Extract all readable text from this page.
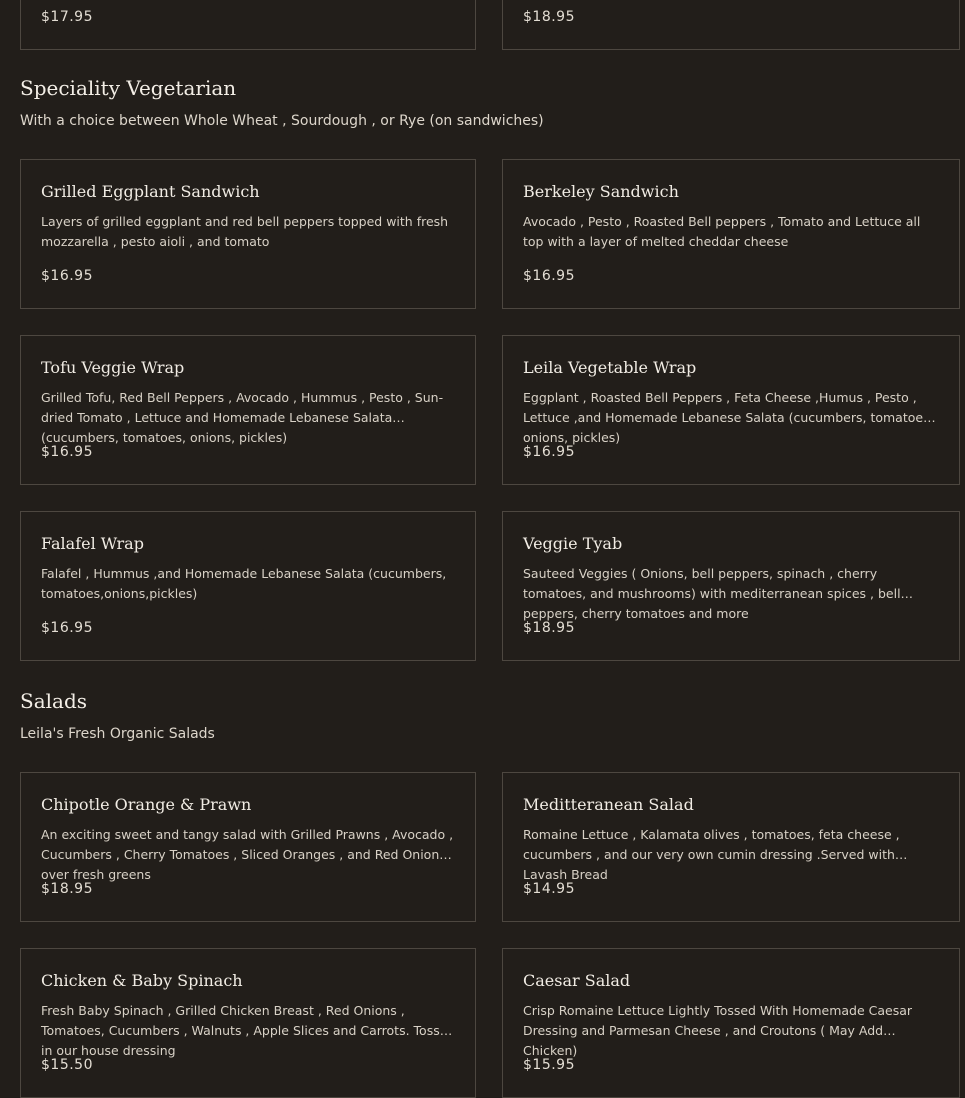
$17.95	$18.95
Speciality Vegetarian
With a choice between Whole Wheat , Sourdough , or Rye (on sandwiches)
Grilled Eggplant Sandwich
Layers of grilled eggplant and red bell peppers topped with fresh mozzarella , pesto aioli , and tomato
$16.95
Berkeley Sandwich
Avocado , Pesto , Roasted Bell peppers , Tomato and Lettuce all top with a layer of melted cheddar cheese
$16.95
Tofu Veggie Wrap
Grilled Tofu, Red Bell Peppers , Avocado , Hummus , Pesto , Sun-dried Tomato , Lettuce and Homemade Lebanese Salata (cucumbers, tomatoes, onions, pickles)
$16.95
Leila Vegetable Wrap
Eggplant , Roasted Bell Peppers , Feta Cheese ,Humus , Pesto , Lettuce ,and Homemade Lebanese Salata (cucumbers, tomatoes, onions, pickles)
$16.95
Falafel Wrap
Falafel , Hummus ,and Homemade Lebanese Salata (cucumbers, tomatoes,onions,pickles)
$16.95
Veggie Tyab
Sauteed Veggies ( Onions, bell peppers, spinach , cherry tomatoes, and mushrooms) with mediterranean spices , bell peppers, cherry tomatoes and more
$18.95
Salads
Leila's Fresh Organic Salads
Chipotle Orange & Prawn
An exciting sweet and tangy salad with Grilled Prawns , Avocado , Cucumbers , Cherry Tomatoes , Sliced Oranges , and Red Onions ; over fresh greens
$18.95
Meditteranean Salad
Romaine Lettuce , Kalamata olives , tomatoes, feta cheese , cucumbers , and our very own cumin dressing .Served with Lavash Bread
$14.95
Chicken & Baby Spinach
Fresh Baby Spinach , Grilled Chicken Breast , Red Onions , Tomatoes, Cucumbers , Walnuts , Apple Slices and Carrots. Tossed in our house dressing
$15.50
Caesar Salad
Crisp Romaine Lettuce Lightly Tossed With Homemade Caesar Dressing and Parmesan Cheese , and Croutons ( May Add Chicken)
$15.95
